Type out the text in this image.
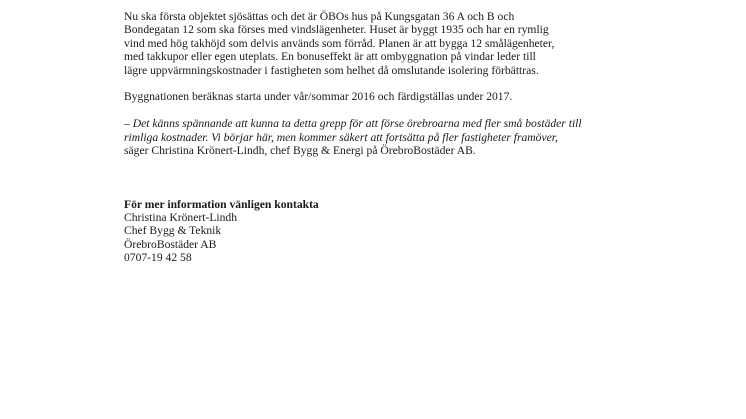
Nu ska första objektet sjösättas och det är ÖBOs hus på Kungsgatan 36 A och B och
Bondegatan 12 som ska förses med vindslägenheter. Huset är byggt 1935 och har en rymlig
vind med hög takhöjd som delvis används som förråd. Planen är att bygga 12 smålägenheter,
med takkupor eller egen uteplats. En bonuseffekt är att ombyggnation på vindar leder till
lägre uppvärmningskostnader i fastigheten som helhet då omslutande isolering förbättras.

Byggnationen beräknas starta under vår/sommar 2016 och färdigställas under 2017.

– Det känns spännande att kunna ta detta grepp för att förse örebroarna med fler små bostäder till
rimliga kostnader. Vi börjar här, men kommer säkert att fortsätta på fler fastigheter framöver,
säger Christina Krönert-Lindh, chef Bygg & Energi på ÖrebroBostäder AB.

För mer information vänligen kontakta
Christina Krönert-Lindh
Chef Bygg & Teknik
ÖrebroBostäder AB
0707-19 42 58
